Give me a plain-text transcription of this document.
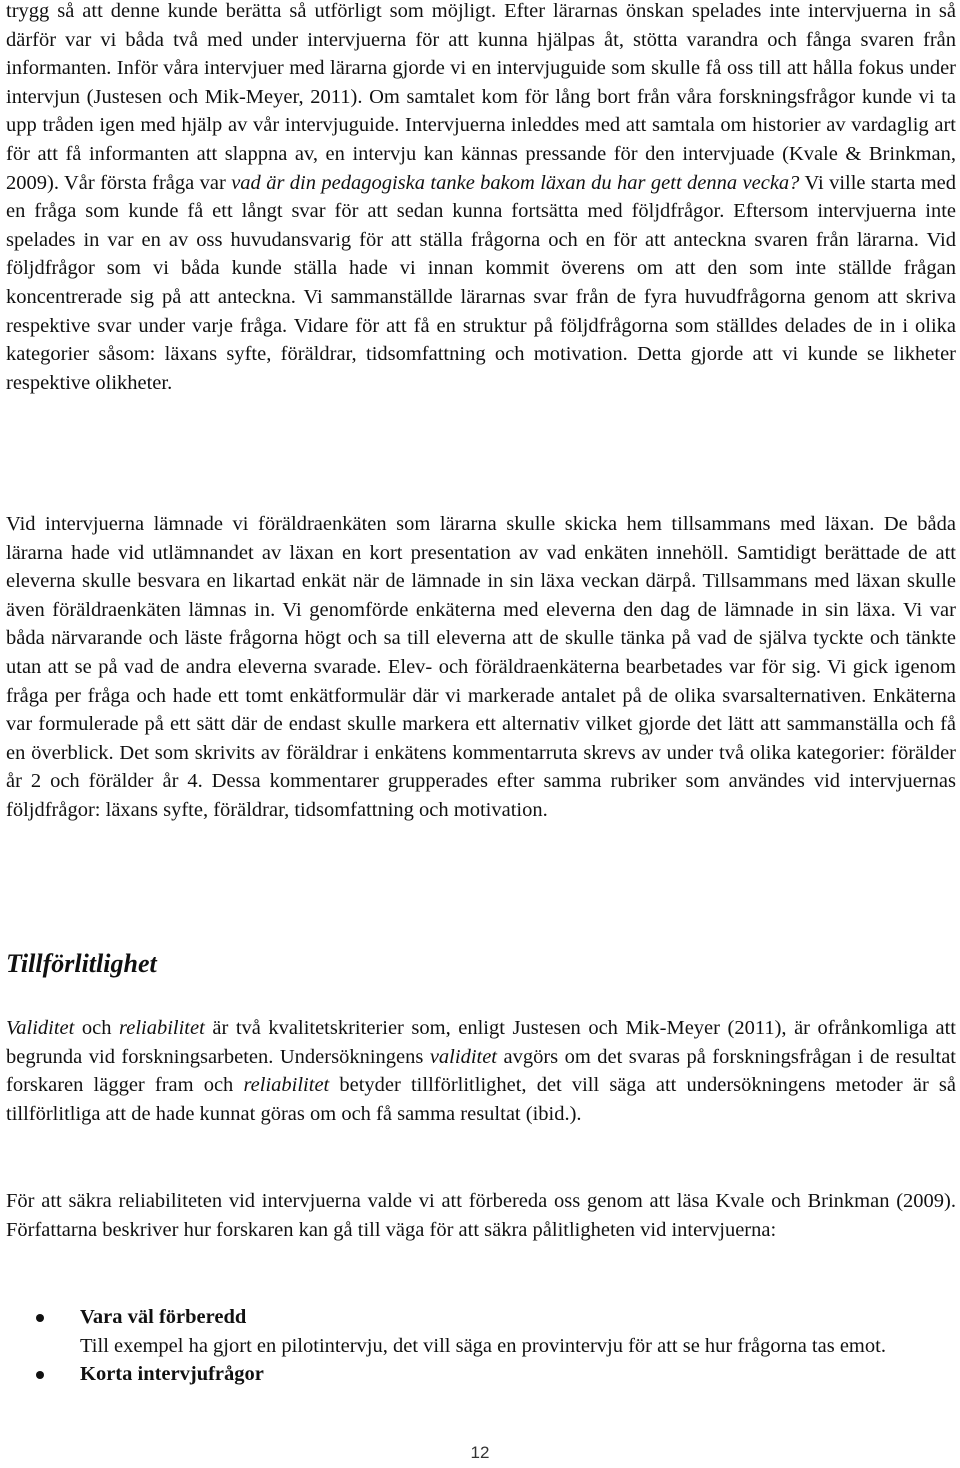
trygg så att denne kunde berätta så utförligt som möjligt. Efter lärarnas önskan spelades inte intervjuerna in så därför var vi båda två med under intervjuerna för att kunna hjälpas åt, stötta varandra och fånga svaren från informanten. Inför våra intervjuer med lärarna gjorde vi en intervjuguide som skulle få oss till att hålla fokus under intervjun (Justesen och Mik-Meyer, 2011). Om samtalet kom för lång bort från våra forskningsfrågor kunde vi ta upp tråden igen med hjälp av vår intervjuguide. Intervjuerna inleddes med att samtala om historier av vardaglig art för att få informanten att slappna av, en intervju kan kännas pressande för den intervjuade (Kvale & Brinkman, 2009). Vår första fråga var vad är din pedagogiska tanke bakom läxan du har gett denna vecka? Vi ville starta med en fråga som kunde få ett långt svar för att sedan kunna fortsätta med följdfrågor. Eftersom intervjuerna inte spelades in var en av oss huvudansvarig för att ställa frågorna och en för att anteckna svaren från lärarna. Vid följdfrågor som vi båda kunde ställa hade vi innan kommit överens om att den som inte ställde frågan koncentrerade sig på att anteckna. Vi sammanställde lärarnas svar från de fyra huvudfrågorna genom att skriva respektive svar under varje fråga. Vidare för att få en struktur på följdfrågorna som ställdes delades de in i olika kategorier såsom: läxans syfte, föräldrar, tidsomfattning och motivation. Detta gjorde att vi kunde se likheter respektive olikheter.

Vid intervjuerna lämnade vi föräldraenkäten som lärarna skulle skicka hem tillsammans med läxan. De båda lärarna hade vid utlämnandet av läxan en kort presentation av vad enkäten innehöll. Samtidigt berättade de att eleverna skulle besvara en likartad enkät när de lämnade in sin läxa veckan därpå. Tillsammans med läxan skulle även föräldraenkäten lämnas in. Vi genomförde enkäterna med eleverna den dag de lämnade in sin läxa. Vi var båda närvarande och läste frågorna högt och sa till eleverna att de skulle tänka på vad de själva tyckte och tänkte utan att se på vad de andra eleverna svarade. Elev- och föräldraenkäterna bearbetades var för sig. Vi gick igenom fråga per fråga och hade ett tomt enkätformulär där vi markerade antalet på de olika svarsalternativen. Enkäterna var formulerade på ett sätt där de endast skulle markera ett alternativ vilket gjorde det lätt att sammanställa och få en överblick. Det som skrivits av föräldrar i enkätens kommentarruta skrevs av under två olika kategorier: förälder år 2 och förälder år 4. Dessa kommentarer grupperades efter samma rubriker som användes vid intervjuernas följdfrågor: läxans syfte, föräldrar, tidsomfattning och motivation.

Tillförlitlighet

Validitet och reliabilitet är två kvalitetskriterier som, enligt Justesen och Mik-Meyer (2011), är ofrånkomliga att begrunda vid forskningsarbeten. Undersökningens validitet avgörs om det svaras på forskningsfrågan i de resultat forskaren lägger fram och reliabilitet betyder tillförlitlighet, det vill säga att undersökningens metoder är så tillförlitliga att de hade kunnat göras om och få samma resultat (ibid.).

För att säkra reliabiliteten vid intervjuerna valde vi att förbereda oss genom att läsa Kvale och Brinkman (2009). Författarna beskriver hur forskaren kan gå till väga för att säkra pålitligheten vid intervjuerna:

Vara väl förberedd
Till exempel ha gjort en pilotintervju, det vill säga en provintervju för att se hur frågorna tas emot.
Korta intervjufrågor
12
